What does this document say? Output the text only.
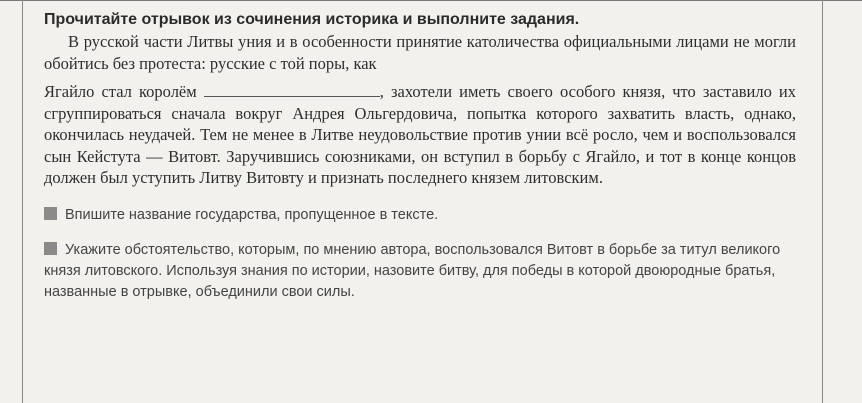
Прочитайте отрывок из сочинения историка и выполните задания.

В русской части Литвы уния и в особенности принятие католичества официальными лицами не могли обойтись без протеста: русские с той поры, как

Ягайло стал королём	, захотели иметь своего особого князя, что заставило их сгруппироваться сначала вокруг Андрея Ольгердовича, попытка которого захватить власть, однако, окончилась неудачей. Тем не менее в Литве неудовольствие против унии всё росло, чем и воспользовался сын Кейстута — Витовт. Заручившись союзниками, он вступил в борьбу с Ягайло, и тот в конце концов должен был уступить Литву Витовту и признать последнего князем литовским.

Впишите название государства, пропущенное в тексте.

Укажите обстоятельство, которым, по мнению автора, воспользовался Витовт в борьбе за титул великого князя литовского. Используя знания по истории, назовите битву, для победы в которой двоюродные братья, названные в отрывке, объединили свои силы.
